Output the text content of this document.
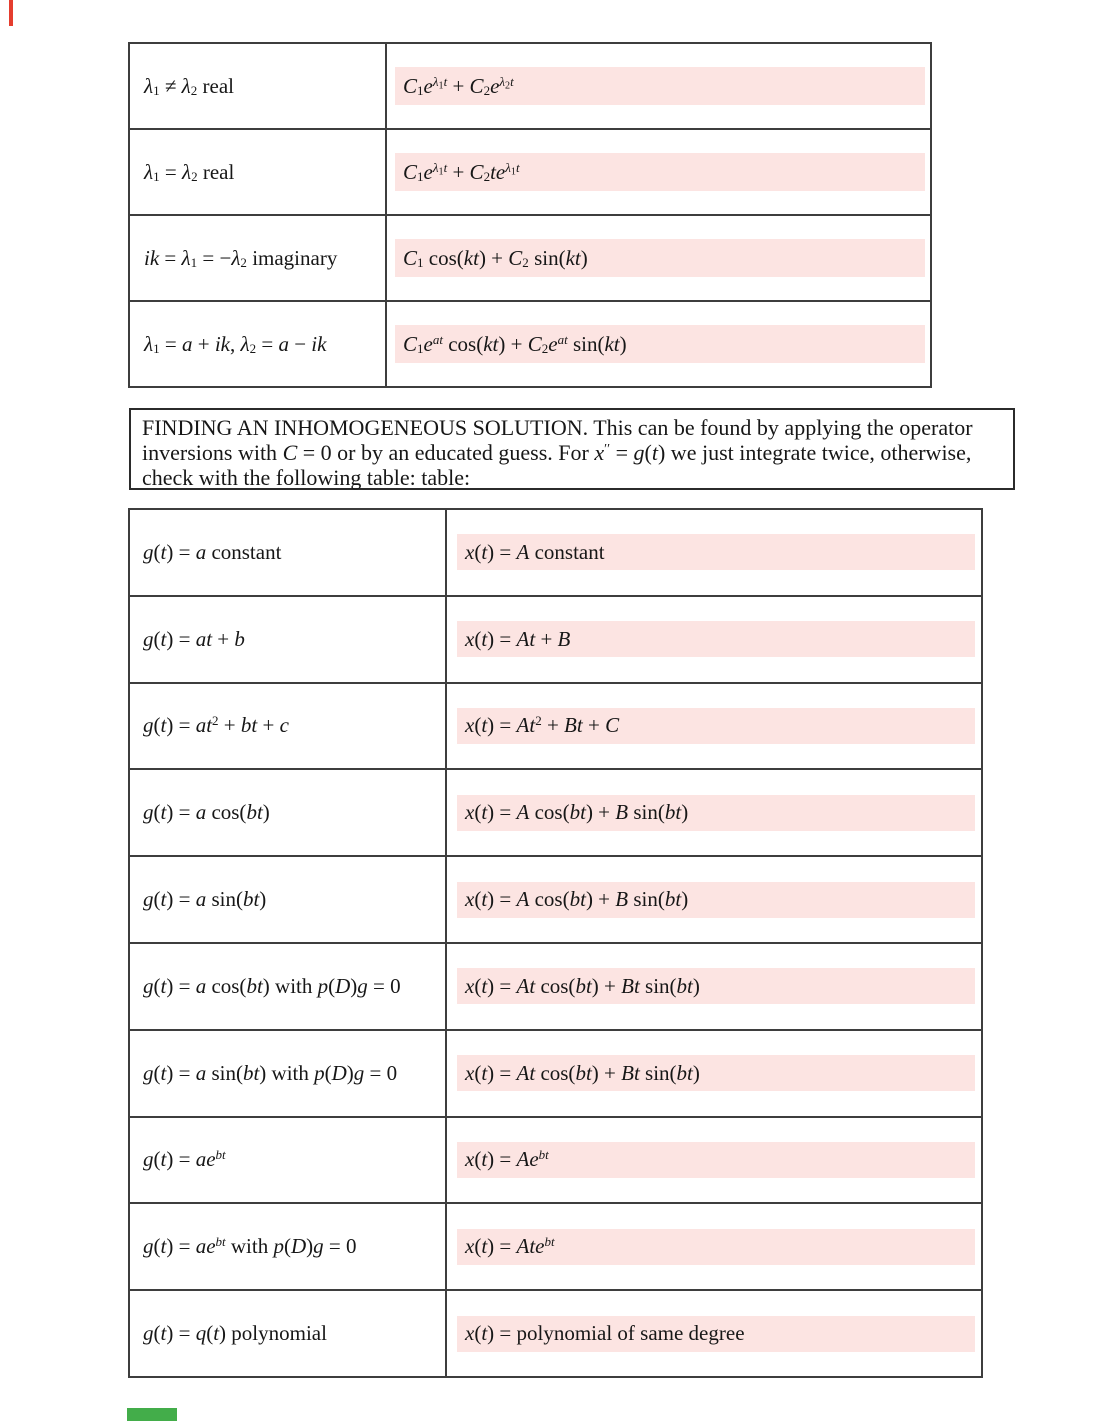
$\lambda_1 \ne \lambda_2$ real	$C_1e^{\lambda_1t} + C_2e^{\lambda_2t}$
$\lambda_1 = \lambda_2$ real	$C_1e^{\lambda_1t} + C_2te^{\lambda_1t}$
ik = $\lambda_1 = -\lambda_2$ imaginary	$C_1$ $\cos(kt) + C_2$ sin(kt)
$\lambda_1 = a$ + ik, $\lambda_2 = a$ − ik	$C_1e^{at}$ $\cos(kt) + C_2e^{at}$ sin(kt)
FINDING AN INHOMOGENEOUS SOLUTION. This can be found by applying the operator
inversions with C = 0 or by an educated guess. For x′′ = g(t) we just integrate twice, otherwise,
check with the following table: table:
g(t) = a constant	x(t) = A constant
g(t) = at + b	x(t) = At + B
$g(t) = at^2$ + bt + c	$x(t) = At^2 + Bt + C$
g(t) = a cos(bt)	x(t) = A cos(bt) + B sin(bt)
g(t) = a sin(bt)	x(t) = A cos(bt) + B sin(bt)
g(t) = a cos(bt) with p(D)g = 0	x(t) = At cos(bt) + Bt sin(bt)
g(t) = a sin(bt) with p(D)g = 0	x(t) = At cos(bt) + Bt sin(bt)
$g(t) = ae^{bt}$	$x(t) = Ae^{bt}$
$g(t) = ae^{bt}$ with p(D)g = 0	x(t) = Ate$^{bt}$
g(t) = q(t) polynomial	x(t) = polynomial of same degree
